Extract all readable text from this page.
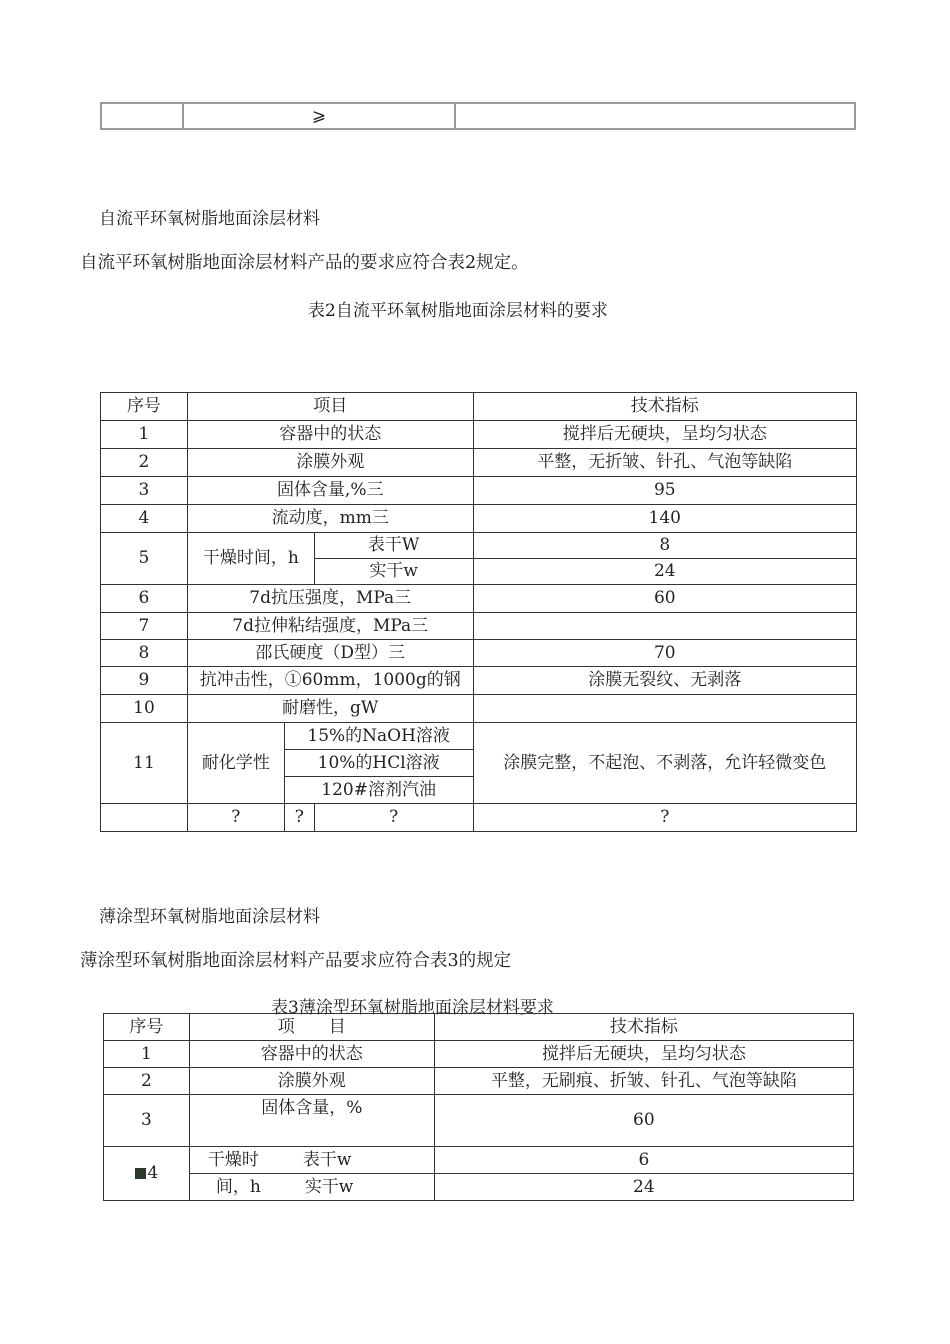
	⩾	
自流平环氧树脂地面涂层材料
自流平环氧树脂地面涂层材料产品的要求应符合表2规定。
表2自流平环氧树脂地面涂层材料的要求
序号	项目			技术指标
1	容器中的状态			搅拌后无硬块，呈均匀状态
2	涂膜外观			平整，无折皱、针孔、气泡等缺陷
3	固体含量,%三			95
4	流动度，mm三			140
5	干燥时间，h		表干W	8
			实干w	24
6	7d抗压强度，MPa三			60
7	7d拉伸粘结强度，MPa三			
8	邵氏硬度（D型）三			70
9	抗冲击性，①60mm，1000g的钢			涂膜无裂纹、无剥落
10	耐磨性，gW			
11	耐化学性	15%的NaOH溶液		涂膜完整，不起泡、不剥落，允许轻微变色
		10%的HCl溶液		
		120#溶剂汽油		
	?	?	?	?
薄涂型环氧树脂地面涂层材料
薄涂型环氧树脂地面涂层材料产品要求应符合表3的规定
表3薄涂型环氧树脂地面涂层材料要求
序号	项　　目	技术指标
1	容器中的状态	搅拌后无硬块，呈均匀状态
2	涂膜外观	平整，无刷痕、折皱、针孔、气泡等缺陷
3	固体含量，%	60
4	干燥时 表干w	6
	间，h 实干w	24
